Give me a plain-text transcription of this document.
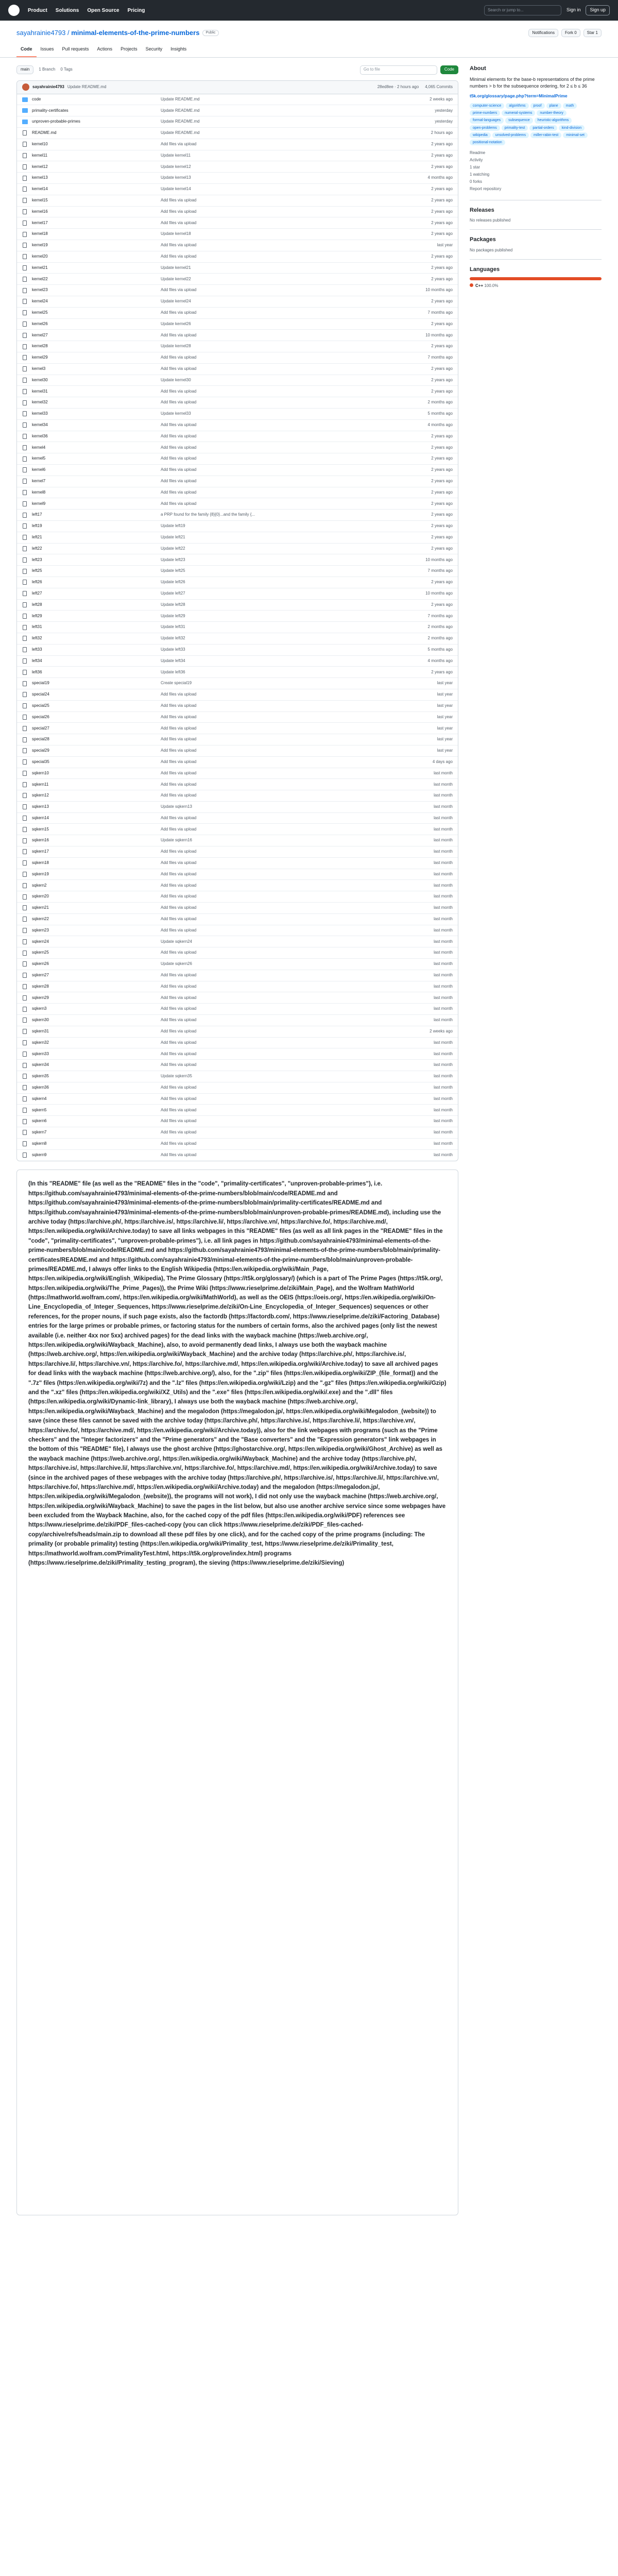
Product Solutions Open Source Pricing	Search or jump to...	Sign in	Sign up
sayahrainie4793 / minimal-elements-of-the-prime-numbers	Public	Notifications	Fork 0	Star 1
Code	Issues	Pull requests	Actions	Projects	Security	Insights
main	1 Branch 0 Tags	Go to file	Code
sayahrainie4793 Update README.md	28ed8ee · 2 hours ago 4,065 Commits
code	Update README.md	2 weeks ago
primality-certificates	Update README.md	yesterday
unproven-probable-primes	Update README.md	yesterday
README.md	Update README.md	2 hours ago
kernel10	Add files via upload	2 years ago
kernel11	Update kernel11	2 years ago
kernel12	Update kernel12	2 years ago
kernel13	Update kernel13	4 months ago
kernel14	Update kernel14	2 years ago
kernel15	Add files via upload	2 years ago
kernel16	Add files via upload	2 years ago
kernel17	Add files via upload	2 years ago
kernel18	Update kernel18	2 years ago
kernel19	Add files via upload	last year
kernel20	Add files via upload	2 years ago
kernel21	Update kernel21	2 years ago
kernel22	Update kernel22	2 years ago
kernel23	Add files via upload	10 months ago
kernel24	Update kernel24	2 years ago
kernel25	Add files via upload	7 months ago
kernel26	Update kernel26	2 years ago
kernel27	Add files via upload	10 months ago
kernel28	Update kernel28	2 years ago
kernel29	Add files via upload	7 months ago
kernel3	Add files via upload	2 years ago
kernel30	Update kernel30	2 years ago
kernel31	Add files via upload	2 years ago
kernel32	Add files via upload	2 months ago
kernel33	Update kernel33	5 months ago
kernel34	Add files via upload	4 months ago
kernel36	Add files via upload	2 years ago
kernel4	Add files via upload	2 years ago
kernel5	Add files via upload	2 years ago
kernel6	Add files via upload	2 years ago
kernel7	Add files via upload	2 years ago
kernel8	Add files via upload	2 years ago
kernel9	Add files via upload	2 years ago
left17	a PRP found for the family {8}{0}...and the family {...	2 years ago
left19	Update left19	2 years ago
left21	Update left21	2 years ago
left22	Update left22	2 years ago
left23	Update left23	10 months ago
left25	Update left25	7 months ago
left26	Update left26	2 years ago
left27	Update left27	10 months ago
left28	Update left28	2 years ago
left29	Update left29	7 months ago
left31	Update left31	2 months ago
left32	Update left32	2 months ago
left33	Update left33	5 months ago
left34	Update left34	4 months ago
left36	Update left36	2 years ago
special19	Create special19	last year
special24	Add files via upload	last year
special25	Add files via upload	last year
special26	Add files via upload	last year
special27	Add files via upload	last year
special28	Add files via upload	last year
special29	Add files via upload	last year
special35	Add files via upload	4 days ago
sqkern10	Add files via upload	last month
sqkern11	Add files via upload	last month
sqkern12	Add files via upload	last month
sqkern13	Update sqkern13	last month
sqkern14	Add files via upload	last month
sqkern15	Add files via upload	last month
sqkern16	Update sqkern16	last month
sqkern17	Add files via upload	last month
sqkern18	Add files via upload	last month
sqkern19	Add files via upload	last month
sqkern2	Add files via upload	last month
sqkern20	Add files via upload	last month
sqkern21	Add files via upload	last month
sqkern22	Add files via upload	last month
sqkern23	Add files via upload	last month
sqkern24	Update sqkern24	last month
sqkern25	Add files via upload	last month
sqkern26	Update sqkern26	last month
sqkern27	Add files via upload	last month
sqkern28	Add files via upload	last month
sqkern29	Add files via upload	last month
sqkern3	Add files via upload	last month
sqkern30	Add files via upload	last month
sqkern31	Add files via upload	2 weeks ago
sqkern32	Add files via upload	last month
sqkern33	Add files via upload	last month
sqkern34	Add files via upload	last month
sqkern35	Update sqkern35	last month
sqkern36	Add files via upload	last month
sqkern4	Add files via upload	last month
sqkern5	Add files via upload	last month
sqkern6	Add files via upload	last month
sqkern7	Add files via upload	last month
sqkern8	Add files via upload	last month
sqkern9	Add files via upload	last month

(In this "README" file (as well as the "README" files in the "code", "primality-certificates", "unproven-probable-primes"), i.e. https://github.com/sayahrainie4793/minimal-elements-of-the-prime-numbers/blob/main/code/README.md and https://github.com/sayahrainie4793/minimal-elements-of-the-prime-numbers/blob/main/primality-certificates/README.md and https://github.com/sayahrainie4793/minimal-elements-of-the-prime-numbers/blob/main/unproven-probable-primes/README.md), including use the archive today (https://archive.ph/, https://archive.is/, https://archive.li/, https://archive.vn/, https://archive.fo/, https://archive.md/, https://en.wikipedia.org/wiki/Archive.today) to save all links webpages in this "README" files (as well as all link pages in the "README" files in the "code", "primality-certificates", "unproven-probable-primes"), i.e. all link pages in https://github.com/sayahrainie4793/minimal-elements-of-the-prime-numbers/blob/main/code/README.md and https://github.com/sayahrainie4793/minimal-elements-of-the-prime-numbers/blob/main/primality-certificates/README.md and https://github.com/sayahrainie4793/minimal-elements-of-the-prime-numbers/blob/main/unproven-probable-primes/README.md, I always offer links to the English Wikipedia (https://en.wikipedia.org/wiki/Main_Page, https://en.wikipedia.org/wiki/English_Wikipedia), The Prime Glossary (https://t5k.org/glossary/) (which is a part of The Prime Pages (https://t5k.org/, https://en.wikipedia.org/wiki/The_Prime_Pages)), the Prime Wiki (https://www.rieselprime.de/ziki/Main_Page), and the Wolfram MathWorld (https://mathworld.wolfram.com/, https://en.wikipedia.org/wiki/MathWorld), as well as the OEIS (https://oeis.org/, https://en.wikipedia.org/wiki/On-Line_Encyclopedia_of_Integer_Sequences, https://www.rieselprime.de/ziki/On-Line_Encyclopedia_of_Integer_Sequences) sequences or other references, for the proper nouns, if such page exists, also the factordb (https://factordb.com/, https://www.rieselprime.de/ziki/Factoring_Database) entries for the large primes or probable primes, or factoring status for the numbers of certain forms, also the archived pages (only list the newest available (i.e. neither 4xx nor 5xx) archived pages) for the dead links with the wayback machine (https://web.archive.org/, https://en.wikipedia.org/wiki/Wayback_Machine), also, to avoid permanently dead links, I always use both the wayback machine (https://web.archive.org/, https://en.wikipedia.org/wiki/Wayback_Machine) and the archive today (https://archive.ph/, https://archive.is/, https://archive.li/, https://archive.vn/, https://archive.fo/, https://archive.md/, https://en.wikipedia.org/wiki/Archive.today) to save all archived pages for dead links with the wayback machine (https://web.archive.org/), also, for the ".zip" files (https://en.wikipedia.org/wiki/ZIP_(file_format)) and the ".7z" files (https://en.wikipedia.org/wiki/7z) and the ".lz" files (https://en.wikipedia.org/wiki/Lzip) and the ".gz" files (https://en.wikipedia.org/wiki/Gzip) and the ".xz" files (https://en.wikipedia.org/wiki/XZ_Utils) and the ".exe" files (https://en.wikipedia.org/wiki/.exe) and the ".dll" files (https://en.wikipedia.org/wiki/Dynamic-link_library), I always use both the wayback machine (https://web.archive.org/, https://en.wikipedia.org/wiki/Wayback_Machine) and the megalodon (https://megalodon.jp/, https://en.wikipedia.org/wiki/Megalodon_(website)) to save (since these files cannot be saved with the archive today (https://archive.ph/, https://archive.is/, https://archive.li/, https://archive.vn/, https://archive.fo/, https://archive.md/, https://en.wikipedia.org/wiki/Archive.today)), also for the link webpages with programs (such as the "Prime checkers" and the "Integer factorizers" and the "Prime generators" and the "Base converters" and the "Expression generators" link webpages in the bottom of this "README" file), I always use the ghost archive (https://ghostarchive.org/, https://en.wikipedia.org/wiki/Ghost_Archive) as well as the wayback machine (https://web.archive.org/, https://en.wikipedia.org/wiki/Wayback_Machine) and the archive today (https://archive.ph/, https://archive.is/, https://archive.li/, https://archive.vn/, https://archive.fo/, https://archive.md/, https://en.wikipedia.org/wiki/Archive.today) to save (since in the archived pages of these webpages with the archive today (https://archive.ph/, https://archive.is/, https://archive.li/, https://archive.vn/, https://archive.fo/, https://archive.md/, https://en.wikipedia.org/wiki/Archive.today) and the megalodon (https://megalodon.jp/, https://en.wikipedia.org/wiki/Megalodon_(website)), the programs will not work), I did not only use the wayback machine (https://web.archive.org/, https://en.wikipedia.org/wiki/Wayback_Machine) to save the pages in the list below, but also use another archive service since some webpages have been excluded from the Wayback Machine, also, for the cached copy of the pdf files (https://en.wikipedia.org/wiki/PDF) references see https://www.rieselprime.de/ziki/PDF_files-cached-copy (you can click https://www.rieselprime.de/ziki/PDF_files-cached-copy/archive/refs/heads/main.zip to download all these pdf files by one click), and for the cached copy of the prime programs (including: The primality (or probable primality) testing (https://en.wikipedia.org/wiki/Primality_test, https://www.rieselprime.de/ziki/Primality_test, https://mathworld.wolfram.com/PrimalityTest.html, https://t5k.org/prove/index.html) programs (https://www.rieselprime.de/ziki/Primality_testing_program), the sieving (https://www.rieselprime.de/ziki/Sieving)

About

Minimal elements for the base-b representations of the prime numbers > b for the subsequence ordering, for 2 ≤ b ≤ 36

t5k.org/glossary/page.php?term=MinimalPrime
computer-science	algorithms	proof	plane	math
prime-numbers	numeral-systems	number-theory
formal-languages	subsequence	heuristic-algorithms
open-problems	primality-test	partial-orders	kind-division
wikipedia	unsolved-problems	miller-rabin-test	minimal-set
positional-notation
Readme
Activity
1 star
1 watching
0 forks
Report repository
Releases
No releases published
Packages
No packages published
Languages
C++ 100.0%
